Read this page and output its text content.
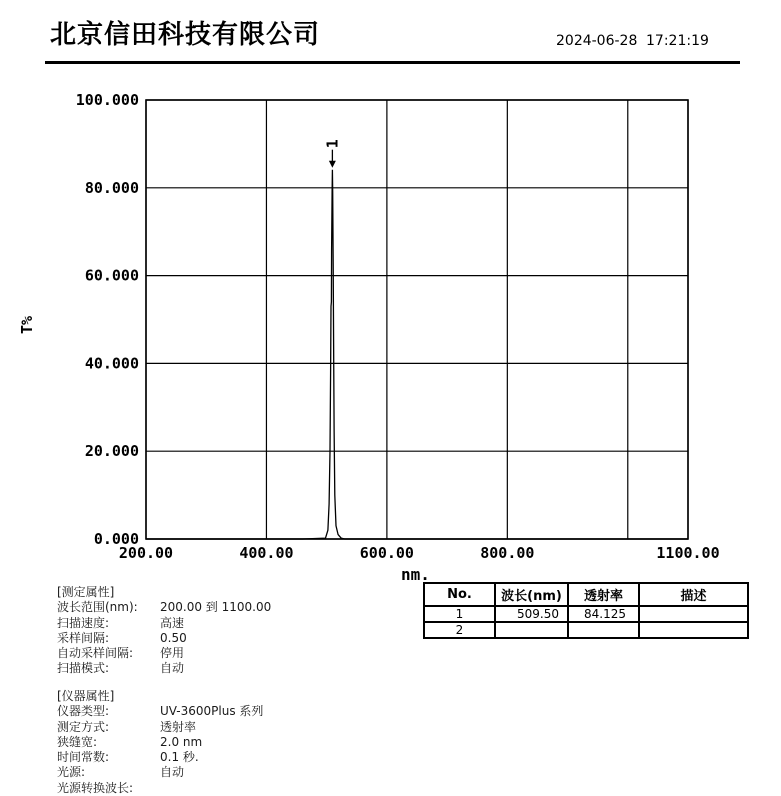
北京信田科技有限公司	2024-06-28 17:21:19
100.000
80.000
60.000
40.000
20.000
0.000
200.00	400.00	600.00	800.00	1100.00
1
T%
nm.
[测定属性]
波长范围(nm):	200.00 到 1100.00
扫描速度:	高速
采样间隔:	0.50
自动采样间隔:	停用
扫描模式:	自动
[仪器属性]
仪器类型:	UV-3600Plus 系列
测定方式:	透射率
狭缝宽:	2.0 nm
时间常数:	0.1 秒.
光源:	自动
光源转换波长:
No.	波长(nm)	透射率	描述
1	509.50	84.125	
2			
